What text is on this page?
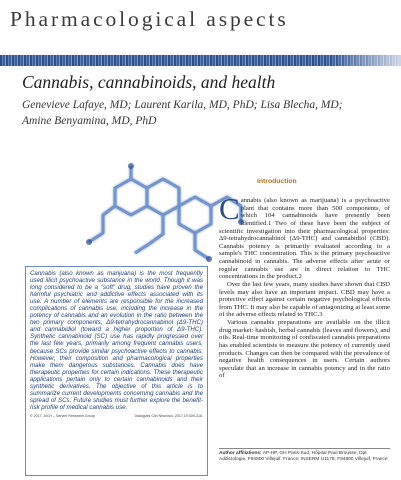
Pharmacological aspects
Cannabis, cannabinoids, and health
Genevieve Lafaye, MD; Laurent Karila, MD, PhD; Lisa Blecha, MD;
Amine Benyamina, MD, PhD
Cannabis (also known as marijuana) is the most frequently used illicit psychoactive substance in the world. Though it was long considered to be a "soft" drug, studies have proven the harmful psychiatric and addictive effects associated with its use. A number of elements are responsible for the increased complications of cannabis use, including the increase in the potency of cannabis and an evolution in the ratio between the two primary components, Δ9-tetrahydrocannabinol (Δ9-THC) and cannabidiol (toward a higher proportion of Δ9-THC). Synthetic cannabinoid (SC) use has rapidly progressed over the last few years, primarily among frequent cannabis users, because SCs provide similar psychoactive effects to cannabis. However, their composition and pharmacological properties make them dangerous substances. Cannabis does have therapeutic properties for certain indications. These therapeutic applications pertain only to certain cannabinoids and their synthetic derivatives. The objective of this article is to summarize current developments concerning cannabis and the spread of SCs. Future studies must further explore the benefit-risk profile of medical cannabis use.
© 2017, AICH – Servier Research Group	Dialogues Clin Neurosci. 2017;19:309-316.
Introduction

Cannabis (also known as marijuana) is a psychoactive plant that contains more than 500 components, of which 104 cannabinoids have presently been identified.1 Two of these have been the subject of scientific investigation into their pharmacological properties: Δ9-tetrahydrocannabinol (Δ9-THC) and cannabidiol (CBD). Cannabis potency is primarily evaluated according to a sample's THC concentration. This is the primary psychoactive cannabinoid in cannabis. The adverse effects after acute or regular cannabis use are in direct relation to THC concentrations in the product.2

Over the last few years, many studies have shown that CBD levels may also have an important impact. CBD may have a protective effect against certain negative psychological effects from THC. It may also be capable of antagonizing at least some of the adverse effects related to THC.3

Various cannabis preparations are available on the illicit drug market: hashish, herbal cannabis (leaves and flowers), and oils. Real-time monitoring of confiscated cannabis preparations has enabled scientists to measure the potency of currently used products. Changes can then be compared with the prevalence of negative health consequences in users. Certain authors speculate that an increase in cannabis potency and in the ratio of

Author affiliations: AP-HP, GH Paris-Sud, Hôpital Paul Brousse, Dpt Addictologie, F94800 Villejuif, France; INSERM U1178, F94800 Villejuif, France
